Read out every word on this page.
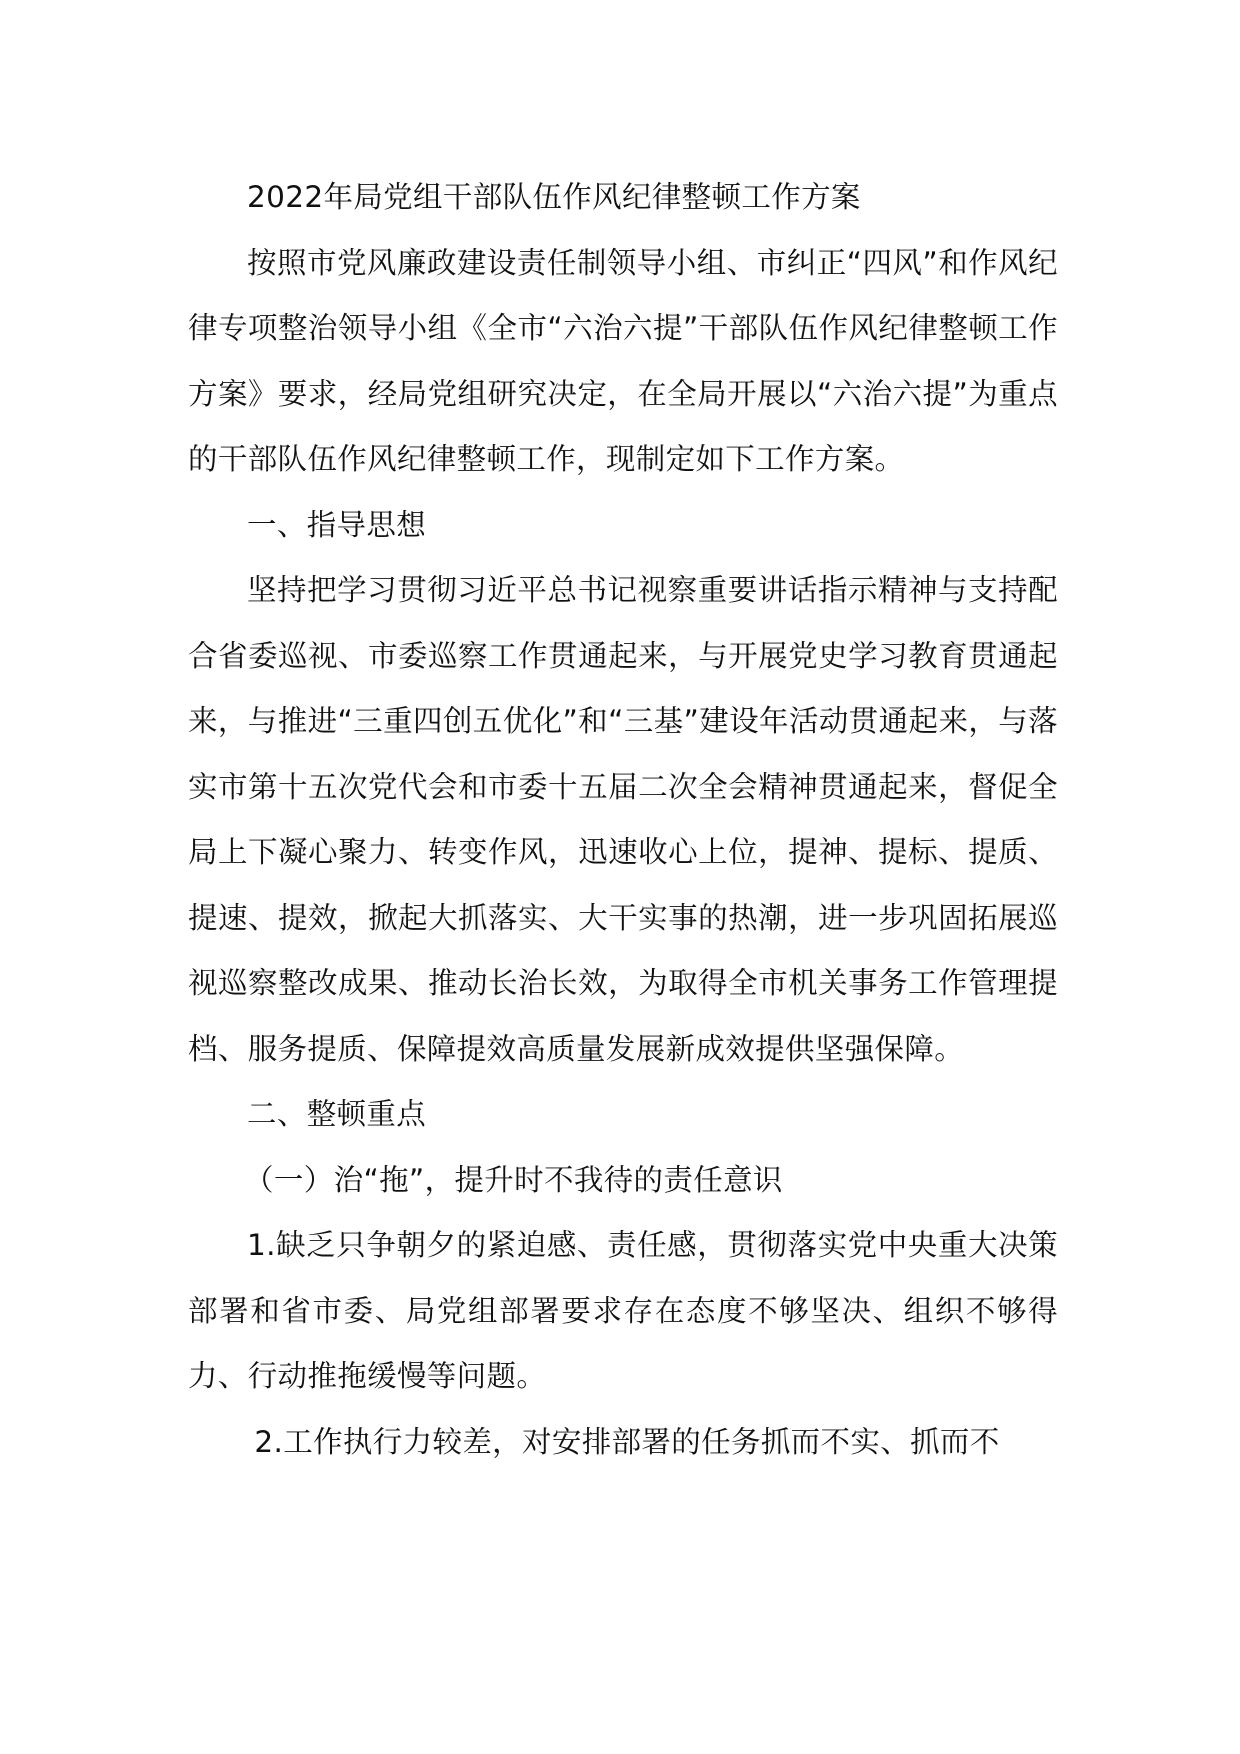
2022年局党组干部队伍作风纪律整顿工作方案

按照市党风廉政建设责任制领导小组、市纠正“四风”和作风纪律专项整治领导小组《全市“六治六提”干部队伍作风纪律整顿工作方案》要求，经局党组研究决定，在全局开展以“六治六提”为重点的干部队伍作风纪律整顿工作，现制定如下工作方案。

一、指导思想

坚持把学习贯彻习近平总书记视察重要讲话指示精神与支持配合省委巡视、市委巡察工作贯通起来，与开展党史学习教育贯通起来，与推进“三重四创五优化”和“三基”建设年活动贯通起来，与落实市第十五次党代会和市委十五届二次全会精神贯通起来，督促全局上下凝心聚力、转变作风，迅速收心上位，提神、提标、提质、提速、提效，掀起大抓落实、大干实事的热潮，进一步巩固拓展巡视巡察整改成果、推动长治长效，为取得全市机关事务工作管理提档、服务提质、保障提效高质量发展新成效提供坚强保障。

二、整顿重点

（一）治“拖”，提升时不我待的责任意识

1.缺乏只争朝夕的紧迫感、责任感，贯彻落实党中央重大决策部署和省市委、局党组部署要求存在态度不够坚决、组织不够得力、行动推拖缓慢等问题。

2.工作执行力较差，对安排部署的任务抓而不实、抓而不
